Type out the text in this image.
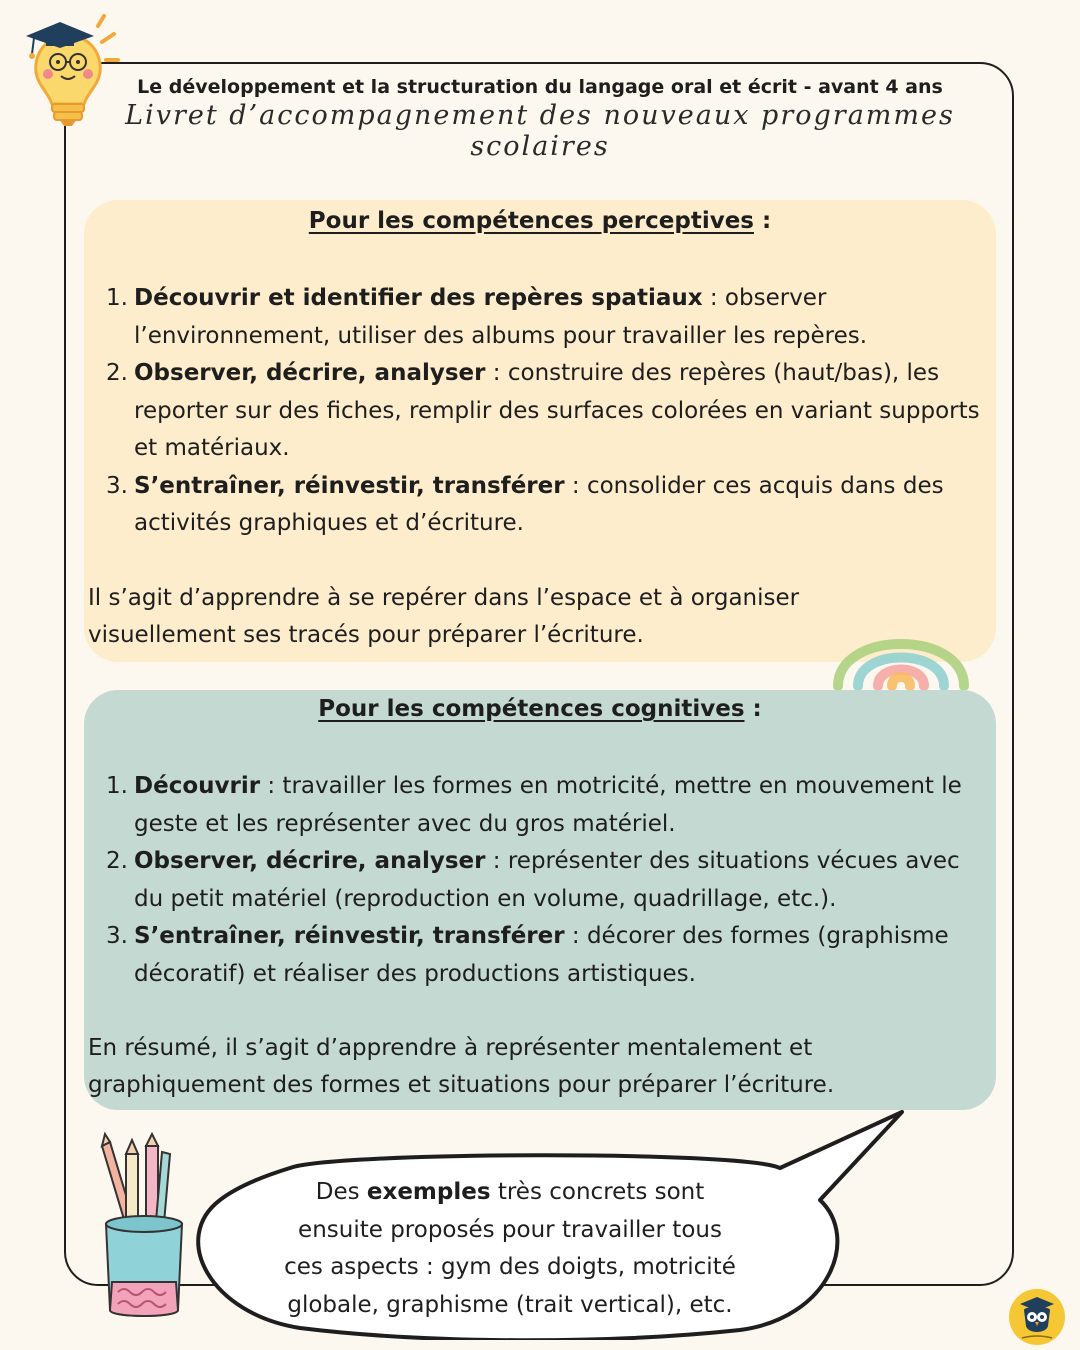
Le développement et la structuration du langage oral et écrit - avant 4 ans
Livret d’accompagnement des nouveaux programmes scolaires
Pour les compétences perceptives :
1. Découvrir et identifier des repères spatiaux : observer l’environnement, utiliser des albums pour travailler les repères.
2. Observer, décrire, analyser : construire des repères (haut/bas), les reporter sur des fiches, remplir des surfaces colorées en variant supports et matériaux.
3. S’entraîner, réinvestir, transférer : consolider ces acquis dans des activités graphiques et d’écriture.
Il s’agit d’apprendre à se repérer dans l’espace et à organiser
visuellement ses tracés pour préparer l’écriture.
Pour les compétences cognitives :
1. Découvrir : travailler les formes en motricité, mettre en mouvement le geste et les représenter avec du gros matériel.
2. Observer, décrire, analyser : représenter des situations vécues avec du petit matériel (reproduction en volume, quadrillage, etc.).
3. S’entraîner, réinvestir, transférer : décorer des formes (graphisme décoratif) et réaliser des productions artistiques.
En résumé, il s’agit d’apprendre à représenter mentalement et
graphiquement des formes et situations pour préparer l’écriture.
Des exemples très concrets sont
ensuite proposés pour travailler tous
ces aspects : gym des doigts, motricité
globale, graphisme (trait vertical), etc.
